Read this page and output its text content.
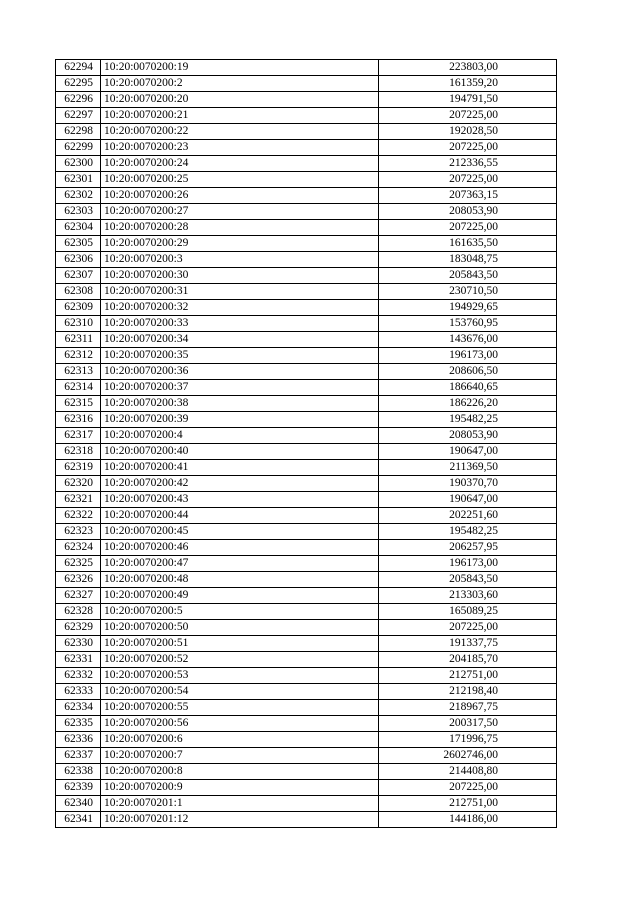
62294	10:20:0070200:19	223803,00
62295	10:20:0070200:2	161359,20
62296	10:20:0070200:20	194791,50
62297	10:20:0070200:21	207225,00
62298	10:20:0070200:22	192028,50
62299	10:20:0070200:23	207225,00
62300	10:20:0070200:24	212336,55
62301	10:20:0070200:25	207225,00
62302	10:20:0070200:26	207363,15
62303	10:20:0070200:27	208053,90
62304	10:20:0070200:28	207225,00
62305	10:20:0070200:29	161635,50
62306	10:20:0070200:3	183048,75
62307	10:20:0070200:30	205843,50
62308	10:20:0070200:31	230710,50
62309	10:20:0070200:32	194929,65
62310	10:20:0070200:33	153760,95
62311	10:20:0070200:34	143676,00
62312	10:20:0070200:35	196173,00
62313	10:20:0070200:36	208606,50
62314	10:20:0070200:37	186640,65
62315	10:20:0070200:38	186226,20
62316	10:20:0070200:39	195482,25
62317	10:20:0070200:4	208053,90
62318	10:20:0070200:40	190647,00
62319	10:20:0070200:41	211369,50
62320	10:20:0070200:42	190370,70
62321	10:20:0070200:43	190647,00
62322	10:20:0070200:44	202251,60
62323	10:20:0070200:45	195482,25
62324	10:20:0070200:46	206257,95
62325	10:20:0070200:47	196173,00
62326	10:20:0070200:48	205843,50
62327	10:20:0070200:49	213303,60
62328	10:20:0070200:5	165089,25
62329	10:20:0070200:50	207225,00
62330	10:20:0070200:51	191337,75
62331	10:20:0070200:52	204185,70
62332	10:20:0070200:53	212751,00
62333	10:20:0070200:54	212198,40
62334	10:20:0070200:55	218967,75
62335	10:20:0070200:56	200317,50
62336	10:20:0070200:6	171996,75
62337	10:20:0070200:7	2602746,00
62338	10:20:0070200:8	214408,80
62339	10:20:0070200:9	207225,00
62340	10:20:0070201:1	212751,00
62341	10:20:0070201:12	144186,00
